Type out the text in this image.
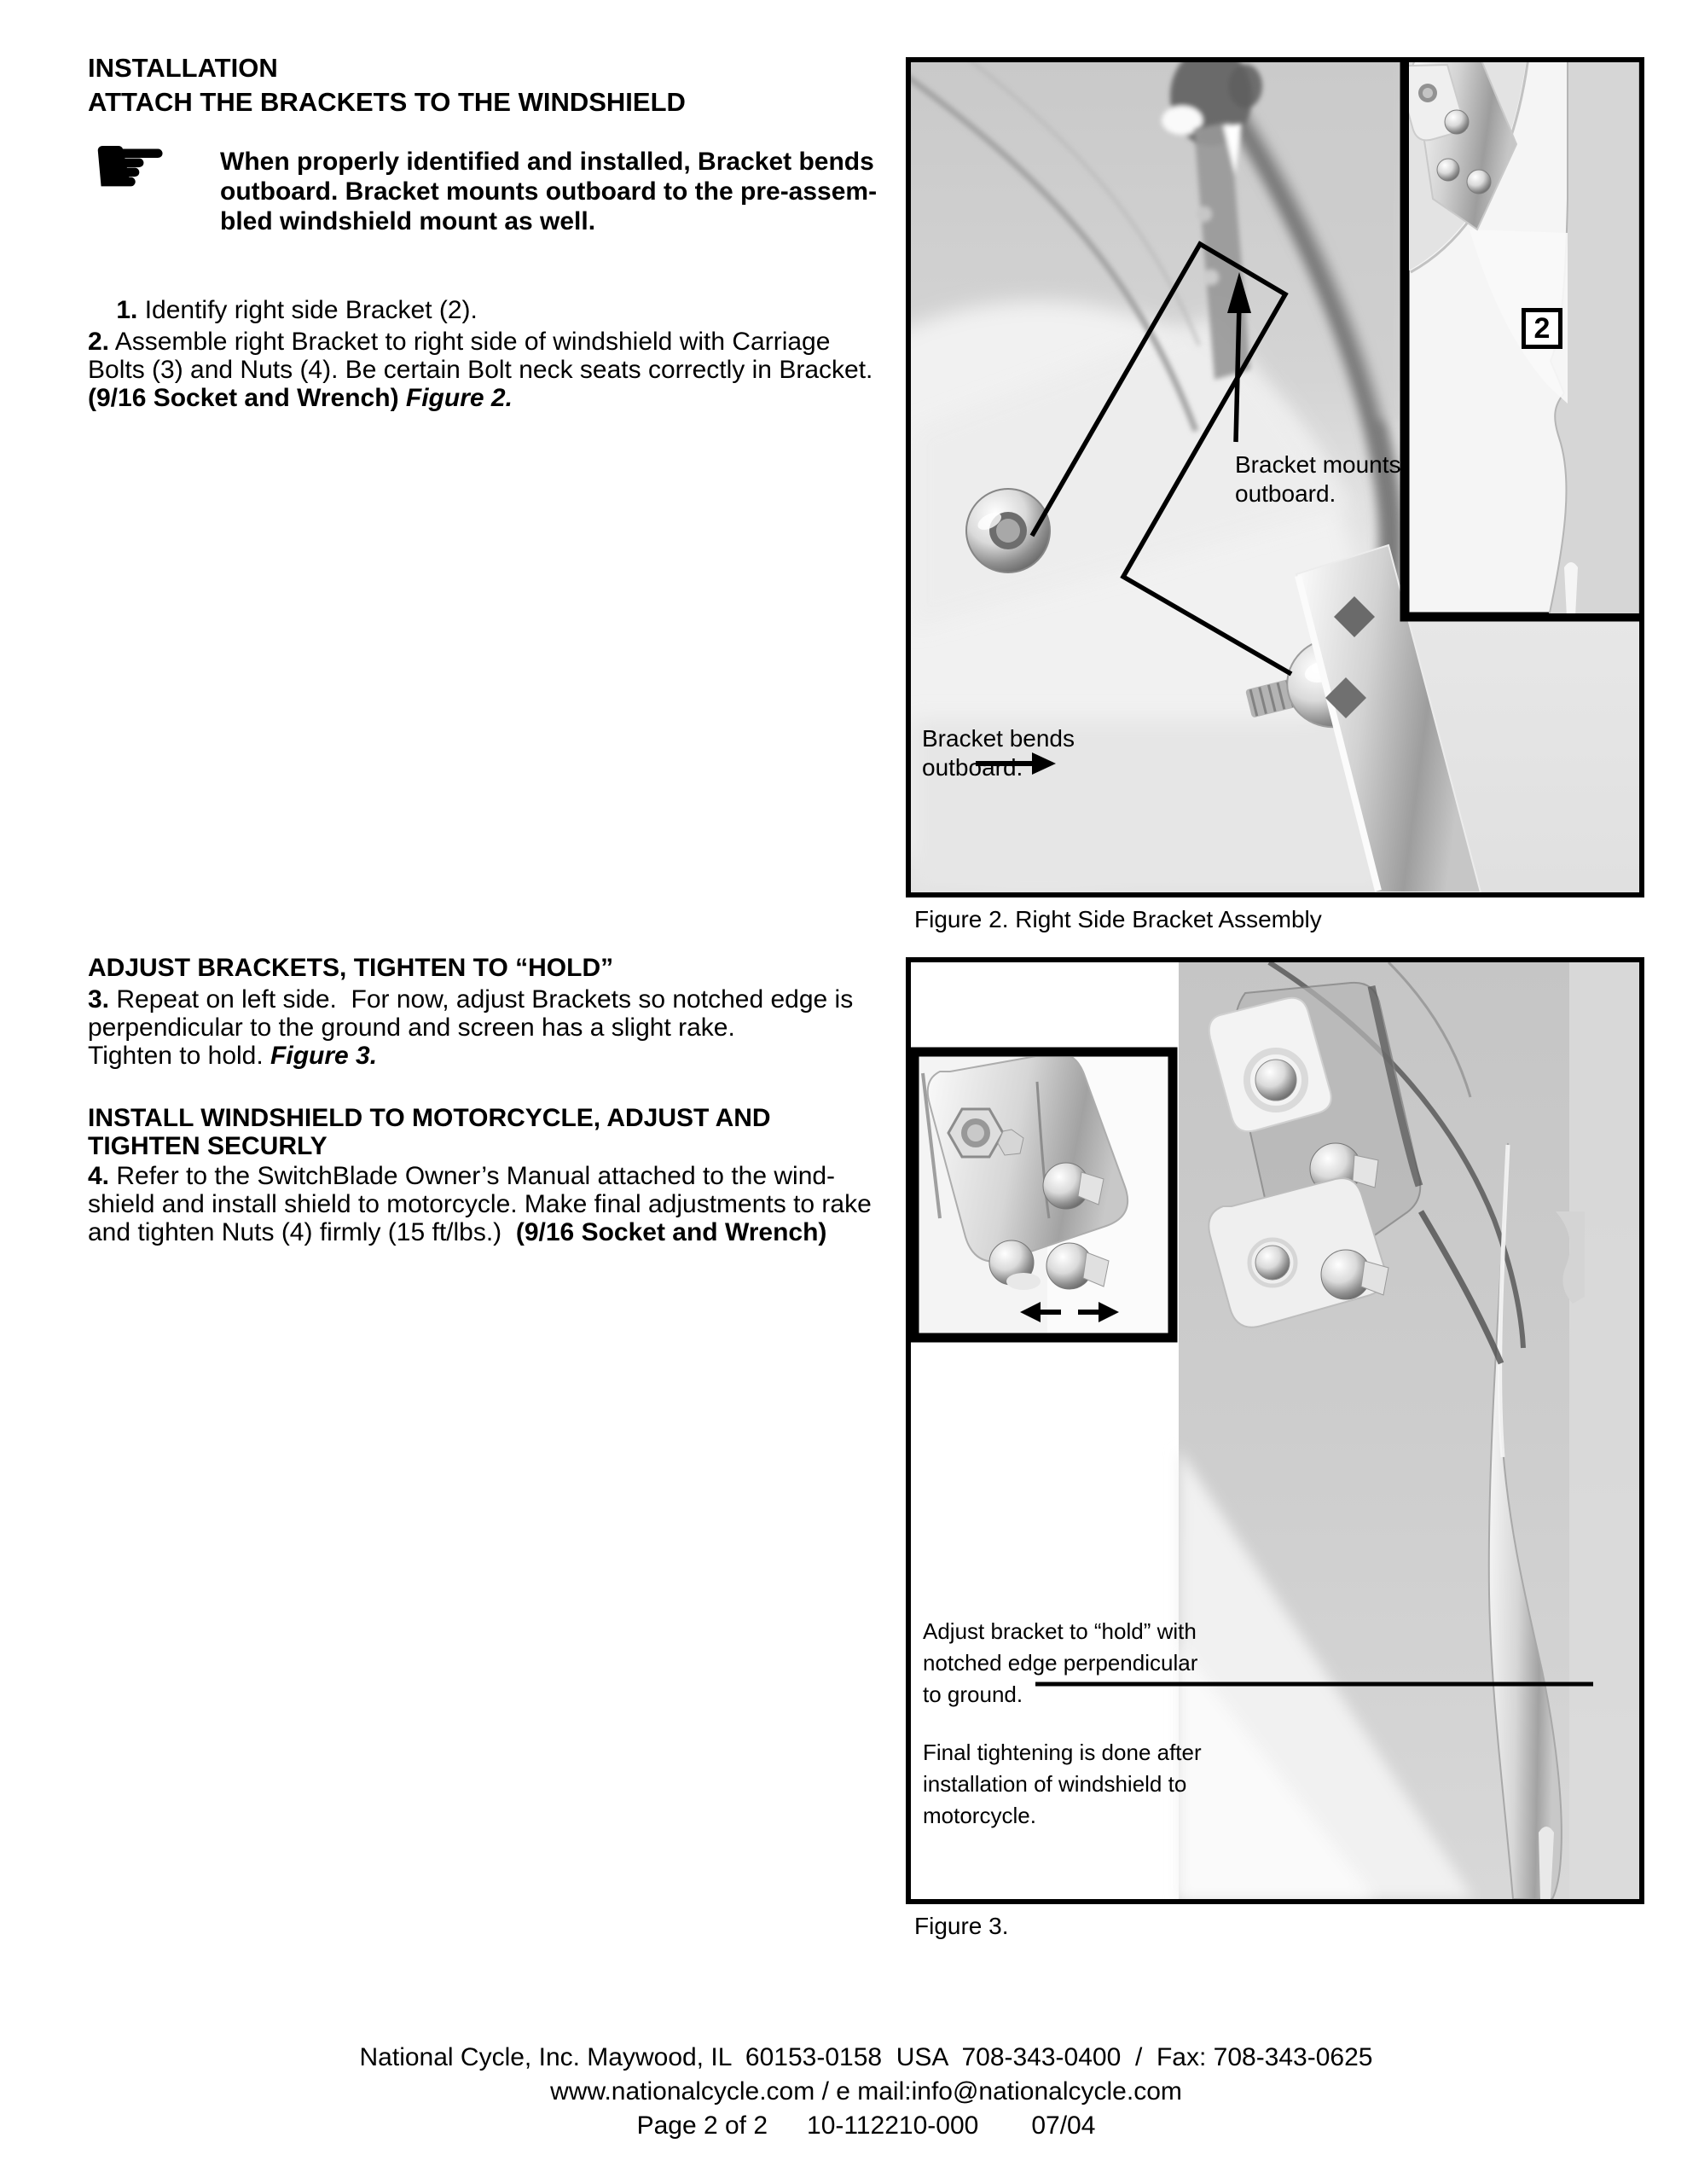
INSTALLATION
ATTACH THE BRACKETS TO THE WINDSHIELD
☛ When properly identified and installed, Bracket bends
outboard. Bracket mounts outboard to the pre-assem-
bled windshield mount as well.

1. Identify right side Bracket (2).

2. Assemble right Bracket to right side of windshield with Carriage
Bolts (3) and Nuts (4). Be certain Bolt neck seats correctly in Bracket.
(9/16 Socket and Wrench) Figure 2.
ADJUST BRACKETS, TIGHTEN TO “HOLD”
3. Repeat on left side.  For now, adjust Brackets so notched edge is
perpendicular to the ground and screen has a slight rake.
Tighten to hold. Figure 3.
INSTALL WINDSHIELD TO MOTORCYCLE, ADJUST AND
TIGHTEN SECURLY
4. Refer to the SwitchBlade Owner’s Manual attached to the wind-
shield and install shield to motorcycle. Make final adjustments to rake
and tighten Nuts (4) firmly (15 ft/lbs.)  (9/16 Socket and Wrench)
2
Bracket mounts
outboard.
Bracket bends
outboard.
Figure 2. Right Side Bracket Assembly
Adjust bracket to “hold” with
notched edge perpendicular
to ground.
Final tightening is done after
installation of windshield to
motorcycle.
Figure 3.
National Cycle, Inc. Maywood, IL  60153-0158  USA  708-343-0400  /  Fax: 708-343-0625
www.nationalcycle.com / e mail:info@nationalcycle.com
Page 2 of 2 10-112210-000 07/04
